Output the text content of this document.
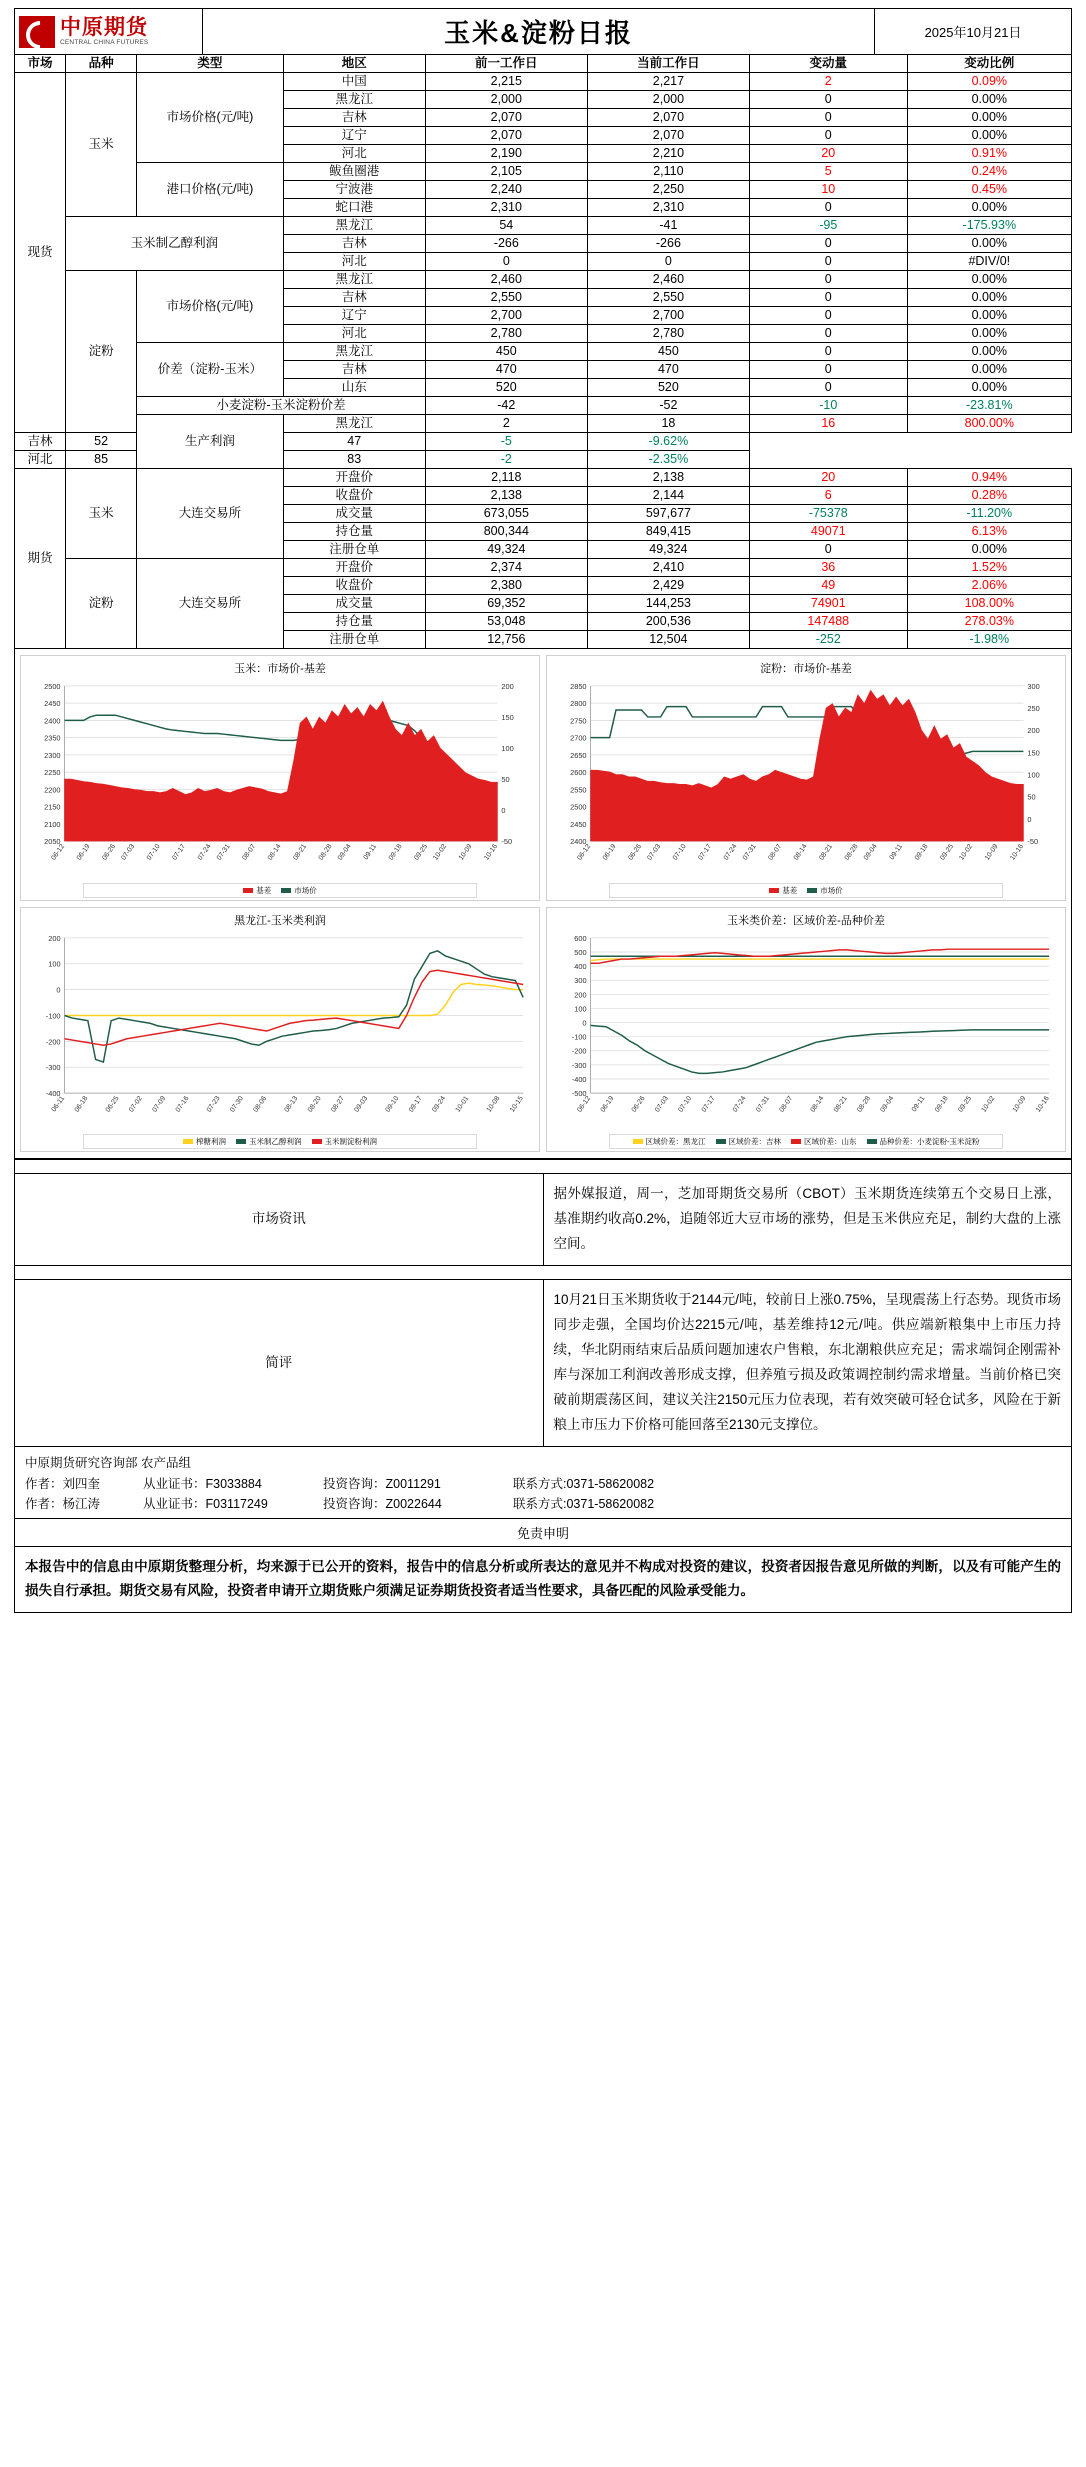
中原期货
CENTRAL CHINA FUTURES	玉米&淀粉日报	2025年10月21日
市场	品种	类型	地区	前一工作日	当前工作日	变动量	变动比例
现货	玉米	市场价格(元/吨)	中国	2,215	2,217	2	0.09%
			黑龙江	2,000	2,000	0	0.00%
			吉林	2,070	2,070	0	0.00%
			辽宁	2,070	2,070	0	0.00%
			河北	2,190	2,210	20	0.91%
		港口价格(元/吨)	鲅鱼圈港	2,105	2,110	5	0.24%
			宁波港	2,240	2,250	10	0.45%
			蛇口港	2,310	2,310	0	0.00%
	玉米制乙醇利润		黑龙江	54	-41	-95	-175.93%
			吉林	-266	-266	0	0.00%
			河北	0	0	0	#DIV/0!
	淀粉	市场价格(元/吨)	黑龙江	2,460	2,460	0	0.00%
			吉林	2,550	2,550	0	0.00%
			辽宁	2,700	2,700	0	0.00%
			河北	2,780	2,780	0	0.00%
		价差（淀粉-玉米）	黑龙江	450	450	0	0.00%
			吉林	470	470	0	0.00%
			山东	520	520	0	0.00%
		小麦淀粉-玉米淀粉价差		-42	-52	-10	-23.81%
		生产利润	黑龙江	2	18	16	800.00%
吉林	52		47	-5	-9.62%		
河北	85		83	-2	-2.35%		
期货	玉米	大连交易所	开盘价	2,118	2,138	20	0.94%
			收盘价	2,138	2,144	6	0.28%
			成交量	673,055	597,677	-75378	-11.20%
			持仓量	800,344	849,415	49071	6.13%
			注册仓单	49,324	49,324	0	0.00%
	淀粉	大连交易所	开盘价	2,374	2,410	36	1.52%
			收盘价	2,380	2,429	49	2.06%
			成交量	69,352	144,253	74901	108.00%
			持仓量	53,048	200,536	147488	278.03%
			注册仓单	12,756	12,504	-252	-1.98%
玉米：市场价-基差
2050
2100
2150
2200
2250
2300
2350
2400
2450
2500
-50
0
50
100
150
200
06-12 06-19 06-26 07-03 07-10 07-17 07-24 07-31 08-07 08-14 08-21 08-28 09-04 09-11 09-18 09-25 10-02 10-09 10-16
基差	市场价
淀粉：市场价-基差
2400
2450
2500
2550
2600
2650
2700
2750
2800
2850
-50
0
50
100
150
200
250
300
06-12 06-19 06-26 07-03 07-10 07-17 07-24 07-31 08-07 08-14 08-21 08-28 09-04 09-11 09-18 09-25 10-02 10-09 10-16
基差	市场价
黑龙江-玉米类利润
-400
-300
-200
-100
0
100
200
06-11 06-18 06-25 07-02 07-09 07-16 07-23 07-30 08-06 08-13 08-20 08-27 09-03 09-10 09-17 09-24 10-01 10-08 10-15
榨糖利润	玉米制乙醇利润	玉米制淀粉利润
玉米类价差：区域价差-品种价差
-500
-400
-300
-200
-100
0
100
200
300
400
500
600
06-12 06-19 06-26 07-03 07-10 07-17 07-24 07-31 08-07 08-14 08-21 08-28 09-04 09-11 09-18 09-25 10-02 10-09 10-16
区域价差：黑龙江	区域价差：吉林	区域价差：山东	品种价差：小麦淀粉-玉米淀粉

市场资讯	据外媒报道，周一，芝加哥期货交易所（CBOT）玉米期货连续第五个交易日上涨，基准期约收高0.2%，追随邻近大豆市场的涨势，但是玉米供应充足，制约大盘的上涨空间。

简评	10月21日玉米期货收于2144元/吨，较前日上涨0.75%，呈现震荡上行态势。现货市场同步走强，全国均价达2215元/吨，基差维持12元/吨。供应端新粮集中上市压力持续，华北阴雨结束后品质问题加速农户售粮，东北潮粮供应充足；需求端饲企刚需补库与深加工利润改善形成支撑，但养殖亏损及政策调控制约需求增量。当前价格已突破前期震荡区间，建议关注2150元压力位表现，若有效突破可轻仓试多，风险在于新粮上市压力下价格可能回落至2130元支撑位。
中原期货研究咨询部 农产品组
作者：刘四奎	从业证书：F3033884	投资咨询：Z0011291	联系方式:0371-58620082
作者：杨江涛	从业证书：F03117249	投资咨询：Z0022644	联系方式:0371-58620082
免责申明
本报告中的信息由中原期货整理分析，均来源于已公开的资料，报告中的信息分析或所表达的意见并不构成对投资的建议，投资者因报告意见所做的判断，以及有可能产生的损失自行承担。期货交易有风险，投资者申请开立期货账户须满足证券期货投资者适当性要求，具备匹配的风险承受能力。
